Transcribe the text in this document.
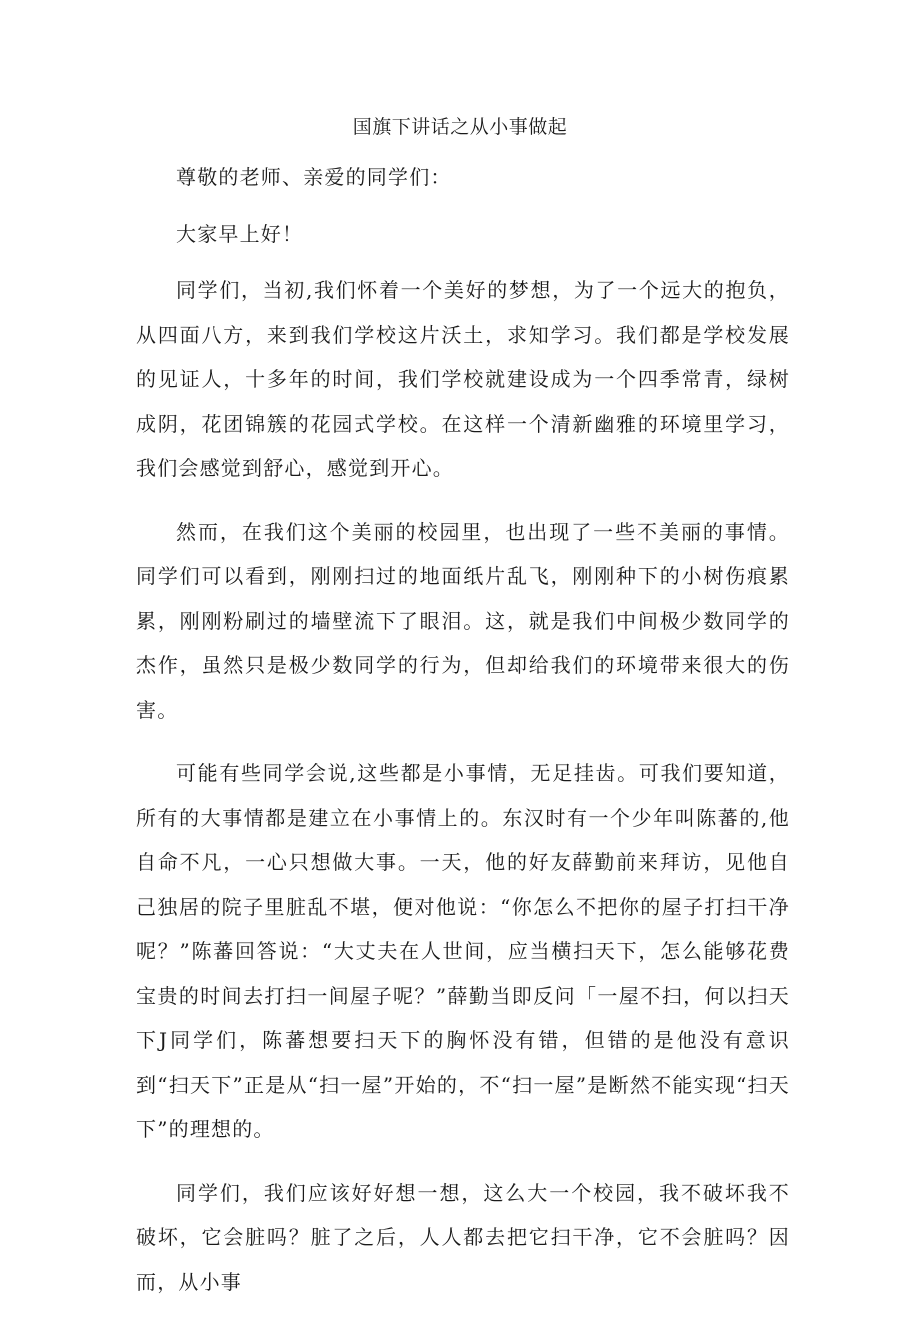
国旗下讲话之从小事做起

尊敬的老师、亲爱的同学们：

大家早上好！

同学们，当初,我们怀着一个美好的梦想，为了一个远大的抱负，从四面八方，来到我们学校这片沃土，求知学习。我们都是学校发展的见证人，十多年的时间，我们学校就建设成为一个四季常青，绿树成阴，花团锦簇的花园式学校。在这样一个清新幽雅的环境里学习，我们会感觉到舒心，感觉到开心。

然而，在我们这个美丽的校园里，也出现了一些不美丽的事情。同学们可以看到，刚刚扫过的地面纸片乱飞，刚刚种下的小树伤痕累累，刚刚粉刷过的墙壁流下了眼泪。这，就是我们中间极少数同学的杰作，虽然只是极少数同学的行为，但却给我们的环境带来很大的伤害。

可能有些同学会说,这些都是小事情，无足挂齿。可我们要知道，所有的大事情都是建立在小事情上的。东汉时有一个少年叫陈蕃的,他自命不凡，一心只想做大事。一天，他的好友薛勤前来拜访，见他自己独居的院子里脏乱不堪，便对他说：“你怎么不把你的屋子打扫干净呢？”陈蕃回答说：“大丈夫在人世间，应当横扫天下，怎么能够花费宝贵的时间去打扫一间屋子呢？”薛勤当即反问「一屋不扫，何以扫天下J同学们，陈蕃想要扫天下的胸怀没有错，但错的是他没有意识到“扫天下”正是从“扫一屋”开始的，不“扫一屋”是断然不能实现“扫天下”的理想的。

同学们，我们应该好好想一想，这么大一个校园，我不破坏我不破坏，它会脏吗？脏了之后，人人都去把它扫干净，它不会脏吗？因而，从小事
